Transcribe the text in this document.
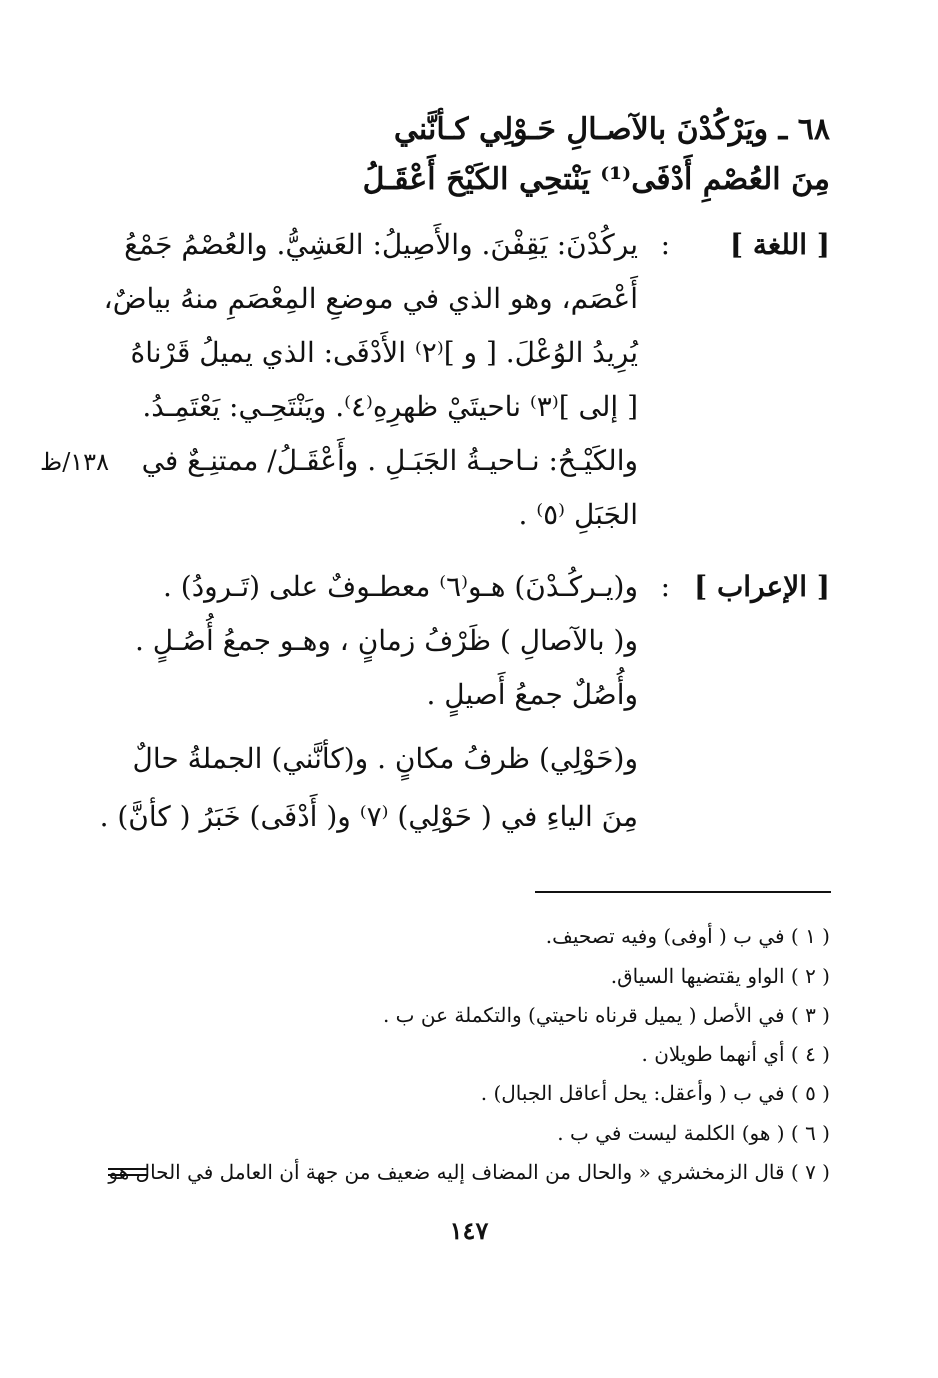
٦٨ ـ ويَرْكُدْنَ بالآصـالِ حَـوْلِي كـأنَّني
مِنَ العُصْمِ أَدْفَى⁽¹⁾ يَنْتحِي الكَيْحَ أَعْقَـلُ
[ اللغة ]
:
يركُدْنَ: يَقِفْنَ. والأَصِيلُ: العَشِيُّ. والعُصْمُ جَمْعُ
أَعْصَم، وهو الذي في موضعِ المِعْصَمِ منهُ بياضٌ،
يُرِيدُ الوُعْلَ. [ و ]⁽٢⁾ الأَدْفَى: الذي يميلُ قَرْناهُ
[ إلى ]⁽٣⁾ ناحيتَيْ ظهرِهِ⁽٤⁾. ويَنْتَحِـي: يَعْتَمِـدُ.
والكَيْـحُ: نـاحيـةُ الجَبَـلِ . وأَعْقَـلُ/ ممتنِـعٌ في
١٣٨/ظ
الجَبَلِ ⁽٥⁾ .
[ الإعراب ]
:
و(يـركُـدْنَ) هـو⁽٦⁾ معطـوفٌ على (تَـرودُ) .
و( بالآصالِ ) ظَرْفُ زمانٍ ، وهـو جمعُ أُصُـلٍ .
وأُصُلٌ جمعُ أَصيلٍ .
و(حَوْلِي) ظرفُ مكانٍ . و(كأنَّني) الجملةُ حالٌ
مِنَ الياءِ في ( حَوْلِي) ⁽٧⁾ و( أَدْفَى) خَبَرُ ( كأنَّ) .
( ١ ) في ب ( أوفى) وفيه تصحيف.
( ٢ ) الواو يقتضيها السياق.
( ٣ ) في الأصل ( يميل قرناه ناحيتي) والتكملة عن ب .
( ٤ ) أي أنهما طويلان .
( ٥ ) في ب ( وأعقل: يحل أعاقل الجبال) .
( ٦ ) ( هو) الكلمة ليست في ب .
( ٧ ) قال الزمخشري « والحال من المضاف إليه ضعيف من جهة أن العامل في الحال هو
١٤٧
